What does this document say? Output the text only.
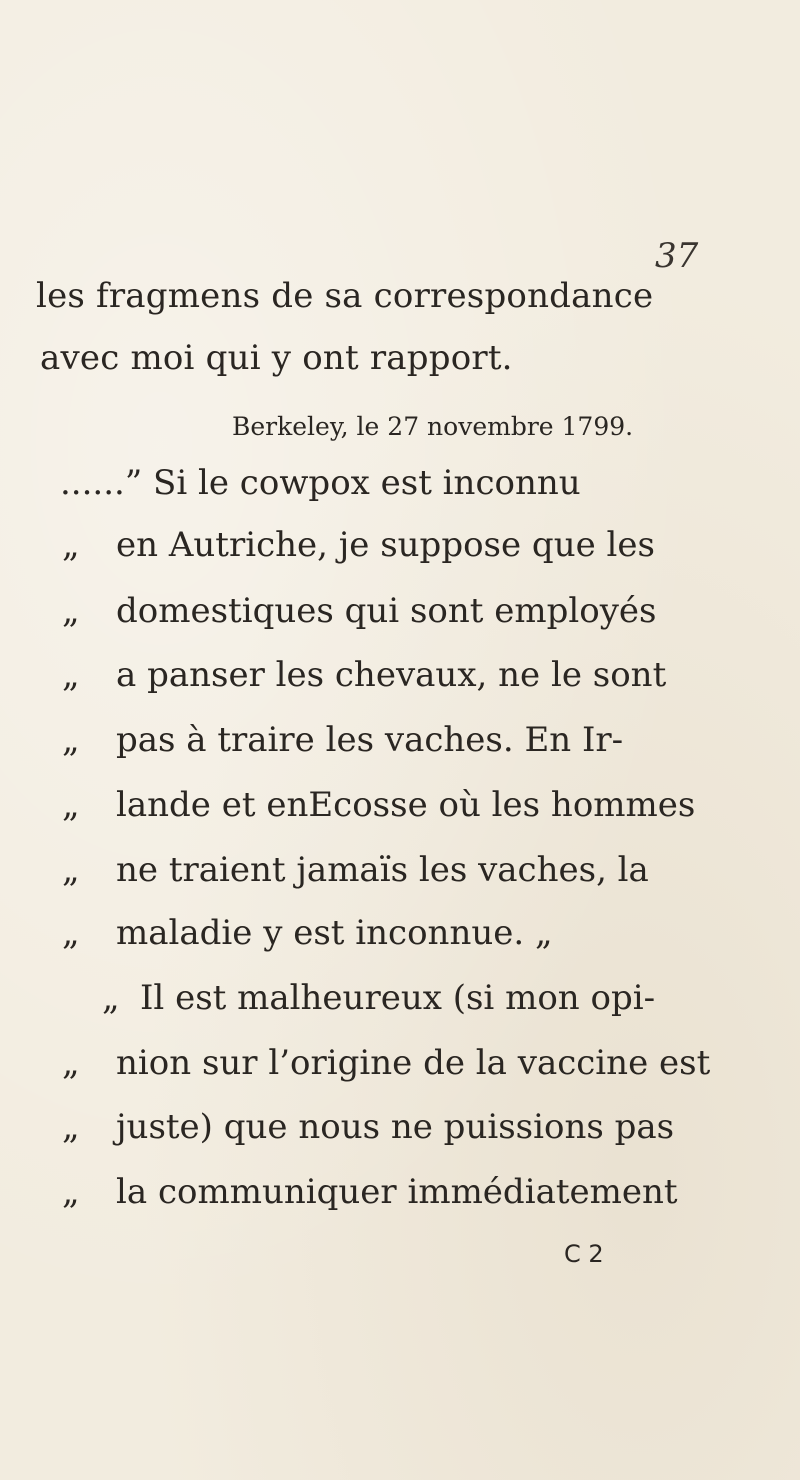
37
les fragmens de sa correspondance
avec moi qui y ont rapport.
Berkeley, le 27 novembre 1799.
......” Si le cowpox est inconnu
„ en Autriche, je suppose que les
„ domestiques qui sont employés
„ a panser les chevaux, ne le sont
„ pas à traire les vaches. En Ir-
„ lande et enEcosse où les hommes
„ ne traient jamaïs les vaches, la
„ maladie y est inconnue. „
„ Il est malheureux (si mon opi-
„ nion sur l’origine de la vaccine est
„ juste) que nous ne puissions pas
„ la communiquer immédiatement
C 2
